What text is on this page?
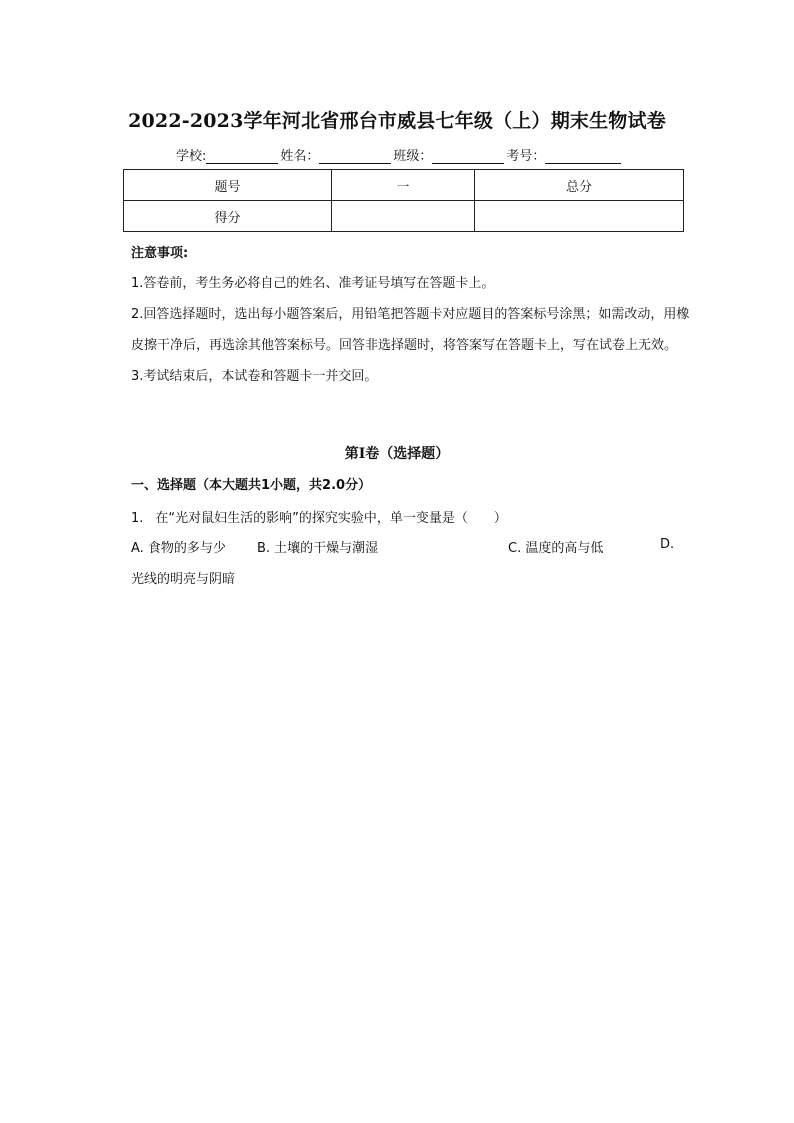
2022-2023学年河北省邢台市威县七年级（上）期末生物试卷
学校:	姓名：	班级：	考号：
题号	一	总分
得分		
注意事项:

1.答卷前，考生务必将自己的姓名、准考证号填写在答题卡上。

2.回答选择题时，选出每小题答案后，用铅笔把答题卡对应题目的答案标号涂黑；如需改动，用橡皮擦干净后，再选涂其他答案标号。回答非选择题时，将答案写在答题卡上，写在试卷上无效。

3.考试结束后，本试卷和答题卡一并交回。

第I卷（选择题）
一、选择题（本大题共1小题，共2.0分）
1. 在“光对鼠妇生活的影响”的探究实验中，单一变量是（　　）
A. 食物的多与少 B. 土壤的干燥与潮湿	C. 温度的高与低	D.
光线的明亮与阴暗
